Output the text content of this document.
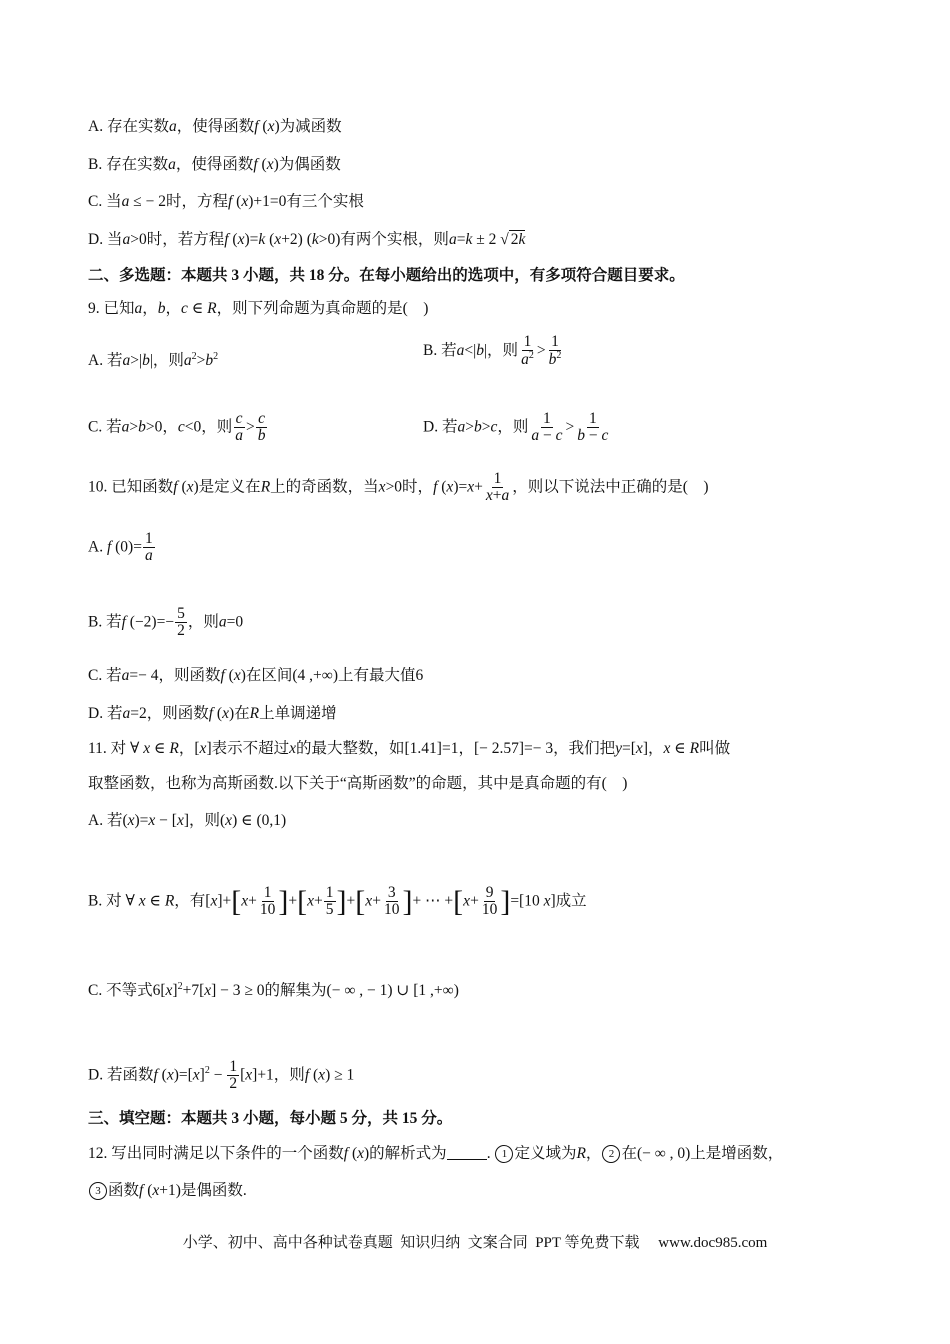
A. 存在实数a，使得函数f (x)为减函数
B. 存在实数a，使得函数f (x)为偶函数
C. 当a ≤ − 2时，方程f (x)+1=0有三个实根
D. 当a>0时，若方程f (x)=k (x+2) (k>0)有两个实根，则a=k ± 2 √ 2k
二、多选题：本题共 3 小题，共 18 分。在每小题给出的选项中，有多项符合题目要求。
9. 已知a，b，c ∈ R，则下列命题为真命题的是(    )
A. 若a>|b|，则$a^2>b^2$	B. 若a<|b|，则 $\frac{1}{a^2} > \frac{1}{b^2}$
C. 若a>b>0，c<0，则 $\frac{c}{a} > \frac{c}{b}$	D. 若a>b>c，则 $\frac{1}{a - c} > \frac{1}{b - c}$
10. 已知函数f (x)是定义在R上的奇函数，当x>0时，f $(x)=x+ \frac{1}{x+a}$ ，则以下说法中正确的是(    )
A. f $(0)= \frac{1}{a}$
B. 若f $(-2)=- \frac{5}{2}$ ，则a=0
C. 若a=− 4，则函数f (x)在区间(4 ,+∞)上有最大值6
D. 若a=2，则函数f (x)在R上单调递增
11. 对 ∀ x ∈ R，[x]表示不超过x的最大整数，如[1.41]=1，[− 2.57]=− 3，我们把y=[x]，x ∈ R叫做
取整函数，也称为高斯函数.以下关于“高斯函数”的命题，其中是真命题的有(    )
A. 若(x)=x − [x]，则(x) ∈ (0,1)
B. 对 ∀ x ∈ R，有$[x]+[x+ \frac{1}{10} ]+[x+ \frac{1}{5} ]+[x+ \frac{3}{10}$ ]+ ⋯ $+[x+ \frac{9}{10} ]=[10$ x]成立
C. 不等式$6[x]^2+7[x] - 3 \ge 0$的解集为(− ∞ , − 1) ∪ [1 ,+∞)
D. 若函数f $(x)=[x]^2 - \frac{1}{2} [x]+1$，则f (x) ≥ 1
三、填空题：本题共 3 小题，每小题 5 分，共 15 分。
12. 写出同时满足以下条件的一个函数f (x)的解析式为	. 1 定义域为R， 2 在(− ∞ , 0)上是增函数，
3 函数f (x+1)是偶函数.
小学、初中、高中各种试卷真题  知识归纳  文案合同  PPT 等免费下载     www.doc985.com
